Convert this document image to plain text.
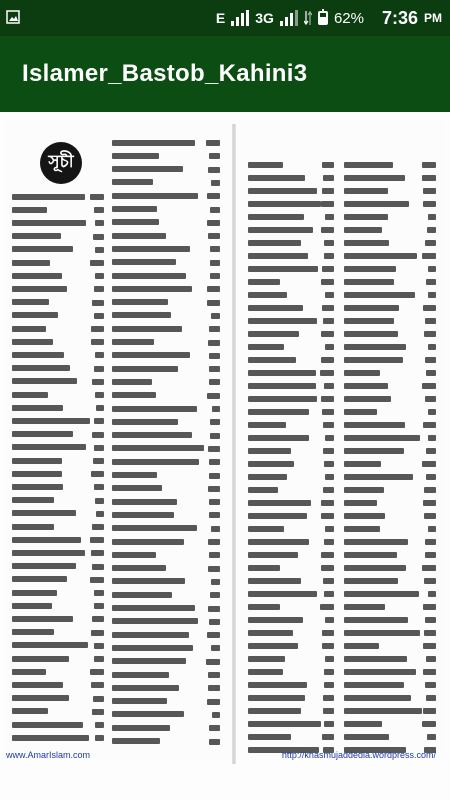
E 3G	62% 7:36 PM
Islamer_Bastob_Kahini3
সূচী
www.AmarIslam.com	http://khasmujaddedia.wordpress.com/
